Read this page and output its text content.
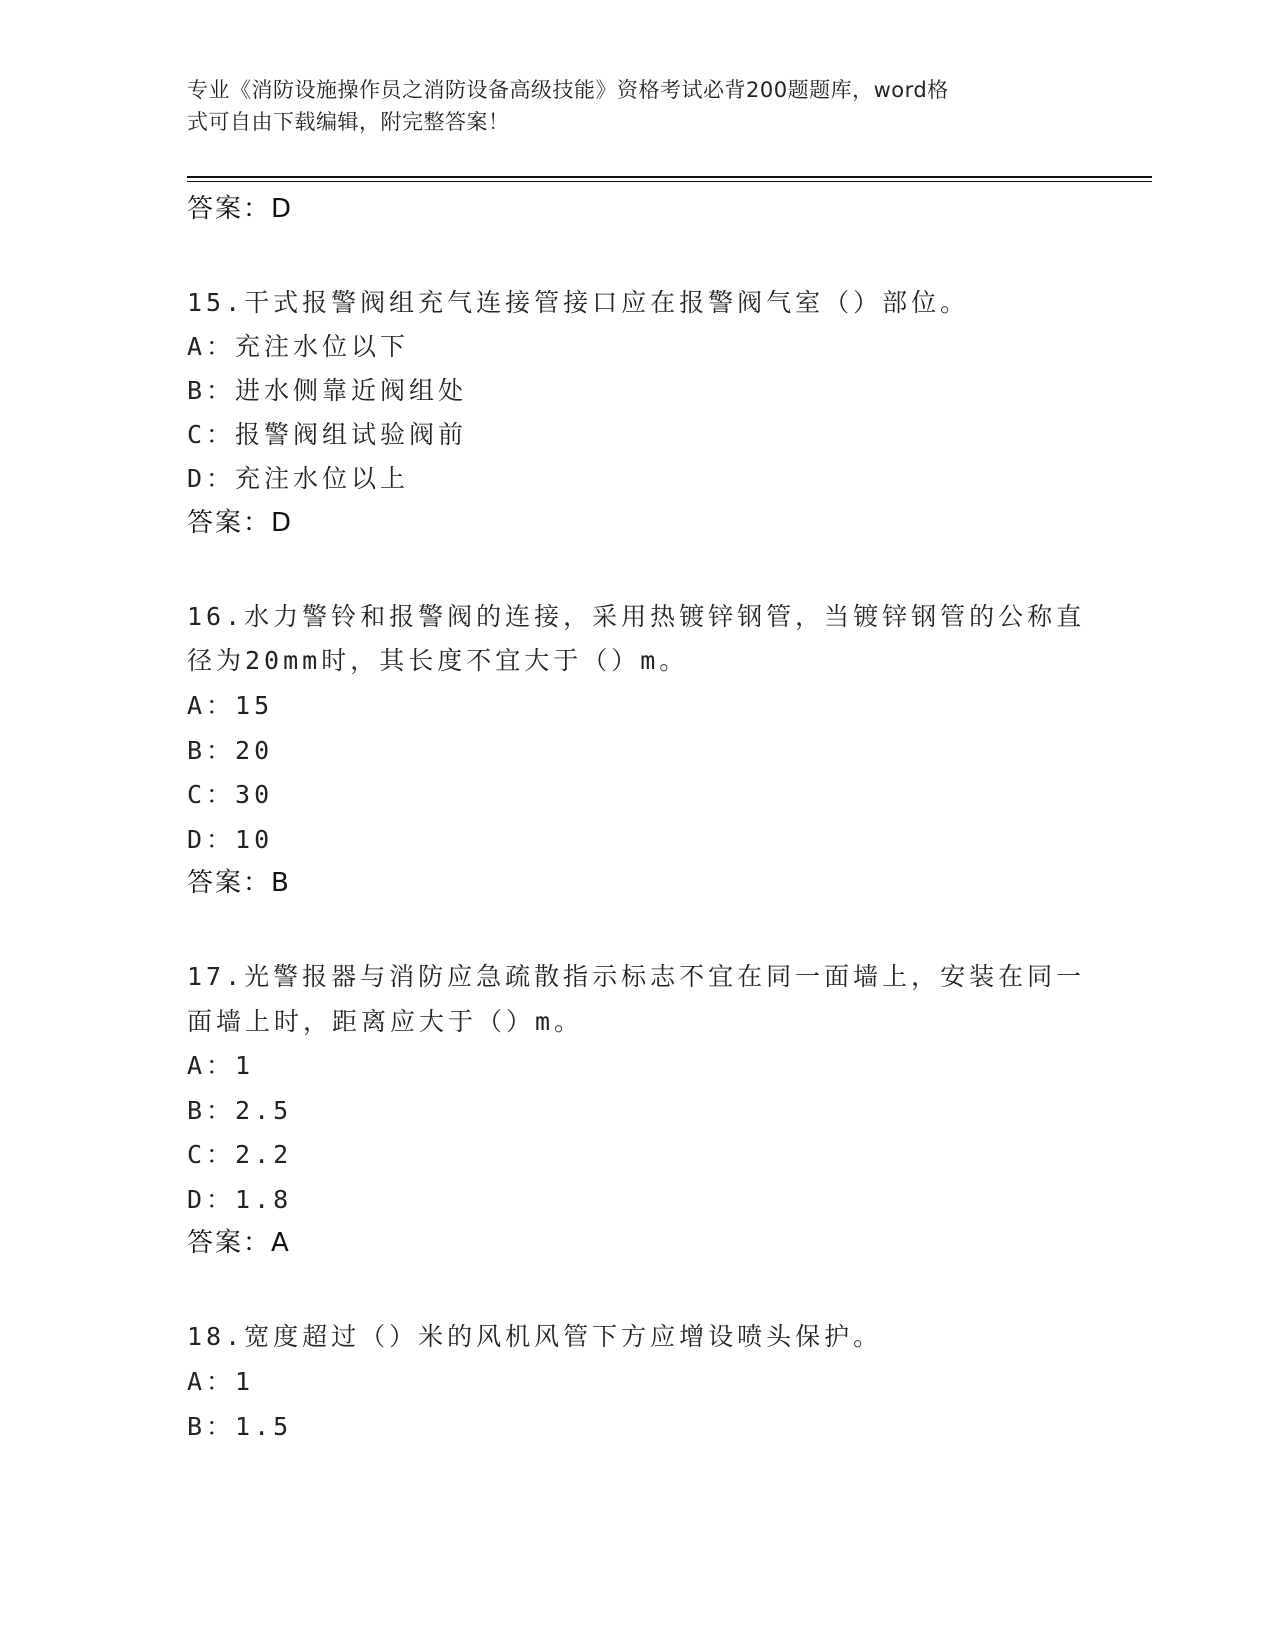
专业《消防设施操作员之消防设备高级技能》资格考试必背200题题库，word格
式可自由下载编辑，附完整答案！
答案：D
15.干式报警阀组充气连接管接口应在报警阀气室（）部位。
A：充注水位以下
B：进水侧靠近阀组处
C：报警阀组试验阀前
D：充注水位以上
答案：D
16.水力警铃和报警阀的连接，采用热镀锌钢管，当镀锌钢管的公称直
径为20mm时，其长度不宜大于（）m。
A：15
B：20
C：30
D：10
答案：B
17.光警报器与消防应急疏散指示标志不宜在同一面墙上，安装在同一
面墙上时，距离应大于（）m。
A：1
B：2.5
C：2.2
D：1.8
答案：A
18.宽度超过（）米的风机风管下方应增设喷头保护。
A：1
B：1.5
